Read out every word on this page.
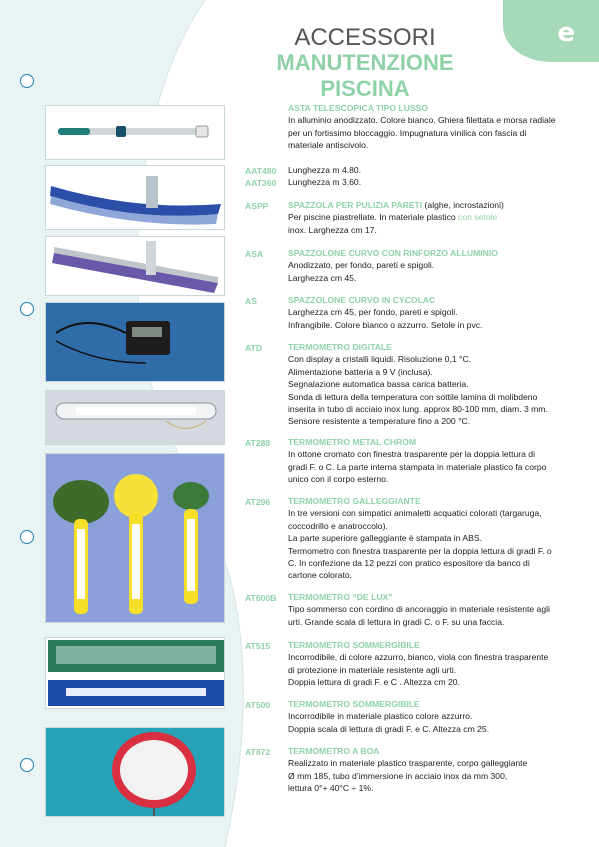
e
ACCESSORI
MANUTENZIONE
PISCINA
ASTA TELESCOPICA TIPO LUSSO
In alluminio anodizzato. Colore bianco. Ghiera filettata e morsa radiale
per un fortissimo bloccaggio. Impugnatura vinilica con fascia di
materiale antiscivolo.
AAT480 Lunghezza m 4.80.
AAT360 Lunghezza m 3.60.
ASPP SPAZZOLA PER PULIZIA PARETI (alghe, incrostazioni)
Per piscine piastrellate. In materiale plastico con setole
inox. Larghezza cm 17.
ASA	SPAZZOLONE CURVO CON RINFORZO ALLUMINIO
Anodizzato, per fondo, pareti e spigoli.
Larghezza cm 45.
AS	SPAZZOLONE CURVO IN CYCOLAC
Larghezza cm 45, per fondo, pareti e spigoli.
Infrangibile. Colore bianco o azzurro. Setole in pvc.
ATD	TERMOMETRO DIGITALE
Con display a cristalli liquidi. Risoluzione 0,1 °C.
Alimentazione batteria a 9 V (inclusa).
Segnalazione automatica bassa carica batteria.
Sonda di lettura della temperatura con sottile lamina di molibdeno
inserita in tubo di acciaio inox lung. approx 80-100 mm, diam. 3 mm.
Sensore resistente a temperature fino a 200 °C.
AT288 TERMOMETRO METAL CHROM
In ottone cromato con finestra trasparente per la doppia lettura di
gradi F. o C. La parte interna stampata in materiale plastico fa corpo
unico con il corpo esterno.
AT296 TERMOMETRO GALLEGGIANTE
In tre versioni con simpatici animaletti acquatici colorati (targaruga,
coccodrillo e anatroccolo).
La parte superiore galleggiante è stampata in ABS.
Termometro con finestra trasparente per la doppia lettura di gradi F. o
C. In confezione da 12 pezzi con pratico espositore da banco di
cartone colorato.
AT600B TERMOMETRO “DE LUX”
Tipo sommerso con cordino di ancoraggio in materiale resistente agli
urti. Grande scala di lettura in gradi C. o F. su una faccia.
AT515 TERMOMETRO SOMMERGIBILE
Incorrodibile, di colore azzurro, bianco, viola con finestra trasparente
di protezione in materiale resistente agli urti.
Doppia lettura di gradi F. e C . Altezza cm 20.
AT500 TERMOMETRO SOMMERGIBILE
Incorrodibile in materiale plastico colore azzurro.
Doppia scala di lettura di gradi F. e C. Altezza cm 25.
AT872 TERMOMETRO A BOA
Realizzato in materiale plastico trasparente, corpo galleggiante
Ø mm 185, tubo d’immersione in acciaio inox da mm 300,
lettura 0°+ 40°C ÷ 1%.
